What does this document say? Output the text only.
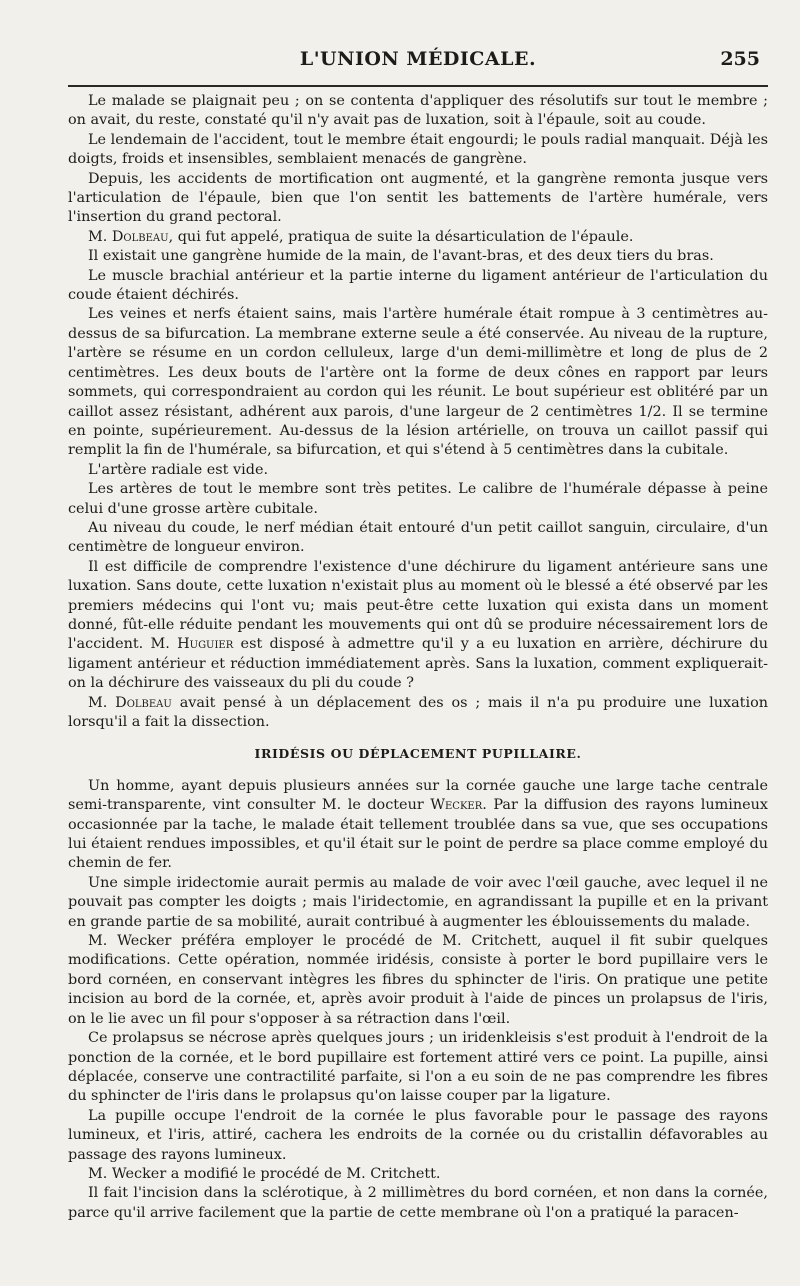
L'UNION MÉDICALE.	255

Le malade se plaignait peu ; on se contenta d'appliquer des résolutifs sur tout le membre ; on avait, du reste, constaté qu'il n'y avait pas de luxation, soit à l'épaule, soit au coude.

Le lendemain de l'accident, tout le membre était engourdi; le pouls radial manquait. Déjà les doigts, froids et insensibles, semblaient menacés de gangrène.

Depuis, les accidents de mortification ont augmenté, et la gangrène remonta jusque vers l'articulation de l'épaule, bien que l'on sentit les battements de l'artère humérale, vers l'insertion du grand pectoral.

M. Dolbeau, qui fut appelé, pratiqua de suite la désarticulation de l'épaule.

Il existait une gangrène humide de la main, de l'avant-bras, et des deux tiers du bras.

Le muscle brachial antérieur et la partie interne du ligament antérieur de l'articulation du coude étaient déchirés.

Les veines et nerfs étaient sains, mais l'artère humérale était rompue à 3 centimètres au-dessus de sa bifurcation. La membrane externe seule a été conservée. Au niveau de la rupture, l'artère se résume en un cordon celluleux, large d'un demi-millimètre et long de plus de 2 centimètres. Les deux bouts de l'artère ont la forme de deux cônes en rapport par leurs sommets, qui correspondraient au cordon qui les réunit. Le bout supérieur est oblitéré par un caillot assez résistant, adhérent aux parois, d'une largeur de 2 centimètres 1/2. Il se termine en pointe, supérieurement. Au-dessus de la lésion artérielle, on trouva un caillot passif qui remplit la fin de l'humérale, sa bifurcation, et qui s'étend à 5 centimètres dans la cubitale.

L'artère radiale est vide.

Les artères de tout le membre sont très petites. Le calibre de l'humérale dépasse à peine celui d'une grosse artère cubitale.

Au niveau du coude, le nerf médian était entouré d'un petit caillot sanguin, circulaire, d'un centimètre de longueur environ.

Il est difficile de comprendre l'existence d'une déchirure du ligament antérieure sans une luxation. Sans doute, cette luxation n'existait plus au moment où le blessé a été observé par les premiers médecins qui l'ont vu; mais peut-être cette luxation qui exista dans un moment donné, fût-elle réduite pendant les mouvements qui ont dû se produire nécessairement lors de l'accident. M. Huguier est disposé à admettre qu'il y a eu luxation en arrière, déchirure du ligament antérieur et réduction immédiatement après. Sans la luxation, comment expliquerait-on la déchirure des vaisseaux du pli du coude ?

M. Dolbeau avait pensé à un déplacement des os ; mais il n'a pu produire une luxation lorsqu'il a fait la dissection.

IRIDÉSIS OU DÉPLACEMENT PUPILLAIRE.

Un homme, ayant depuis plusieurs années sur la cornée gauche une large tache centrale semi-transparente, vint consulter M. le docteur Wecker. Par la diffusion des rayons lumineux occasionnée par la tache, le malade était tellement troublée dans sa vue, que ses occupations lui étaient rendues impossibles, et qu'il était sur le point de perdre sa place comme employé du chemin de fer.

Une simple iridectomie aurait permis au malade de voir avec l'œil gauche, avec lequel il ne pouvait pas compter les doigts ; mais l'iridectomie, en agrandissant la pupille et en la privant en grande partie de sa mobilité, aurait contribué à augmenter les éblouissements du malade.

M. Wecker préféra employer le procédé de M. Critchett, auquel il fit subir quelques modifications. Cette opération, nommée iridésis, consiste à porter le bord pupillaire vers le bord cornéen, en conservant intègres les fibres du sphincter de l'iris. On pratique une petite incision au bord de la cornée, et, après avoir produit à l'aide de pinces un prolapsus de l'iris, on le lie avec un fil pour s'opposer à sa rétraction dans l'œil.

Ce prolapsus se nécrose après quelques jours ; un iridenkleisis s'est produit à l'endroit de la ponction de la cornée, et le bord pupillaire est fortement attiré vers ce point. La pupille, ainsi déplacée, conserve une contractilité parfaite, si l'on a eu soin de ne pas comprendre les fibres du sphincter de l'iris dans le prolapsus qu'on laisse couper par la ligature.

La pupille occupe l'endroit de la cornée le plus favorable pour le passage des rayons lumineux, et l'iris, attiré, cachera les endroits de la cornée ou du cristallin défavorables au passage des rayons lumineux.

M. Wecker a modifié le procédé de M. Critchett.

Il fait l'incision dans la sclérotique, à 2 millimètres du bord cornéen, et non dans la cornée, parce qu'il arrive facilement que la partie de cette membrane où l'on a pratiqué la paracen-
